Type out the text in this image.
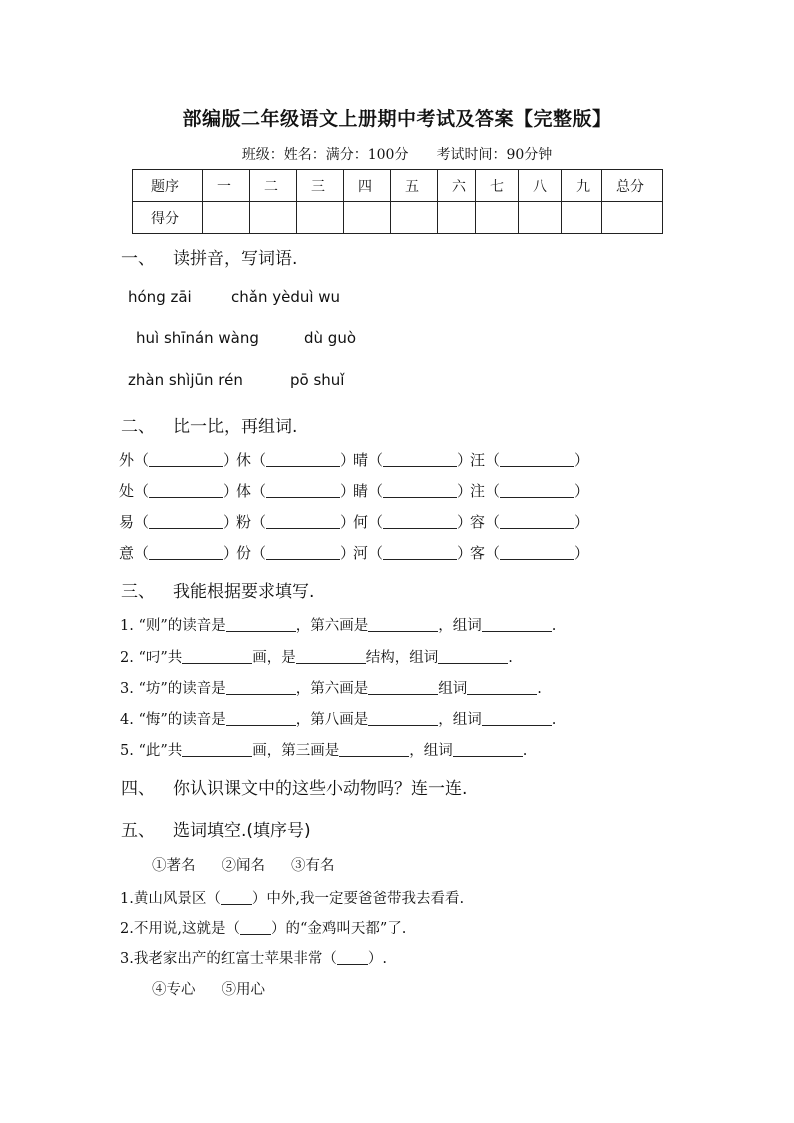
部编版二年级语文上册期中考试及答案【完整版】
班级：姓名：满分：100分　　考试时间：90分钟
题序	一	二	三	四	五	六	七	八	九	总分
得分										
一、 读拼音，写词语.
hóng zāi	chǎn yèduì wu
huì shīnán wàng	dù guò
zhàn shìjūn rén	pō shuǐ
二、 比一比，再组词.
外（	）休（	）晴（	）汪（	）
处（	）体（	）睛（	）注（	）
易（	）粉（	）何（	）容（	）
意（	）份（	）河（	）客（	）
三、 我能根据要求填写.
1. “则”的读音是	，第六画是	，组词	.
2. “叼”共	画，是	结构，组词	.
3. “坊”的读音是	，第六画是	组词	.
4. “悔”的读音是	，第八画是	，组词	.
5. “此”共	画，第三画是	，组词	.
四、 你认识课文中的这些小动物吗？连一连.
五、 选词填空.(填序号)
①著名 ②闻名 ③有名
1.黄山风景区（ ）中外,我一定要爸爸带我去看看.
2.不用说,这就是（ ）的“金鸡叫天都”了.
3.我老家出产的红富士苹果非常（ ）.
④专心 ⑤用心
